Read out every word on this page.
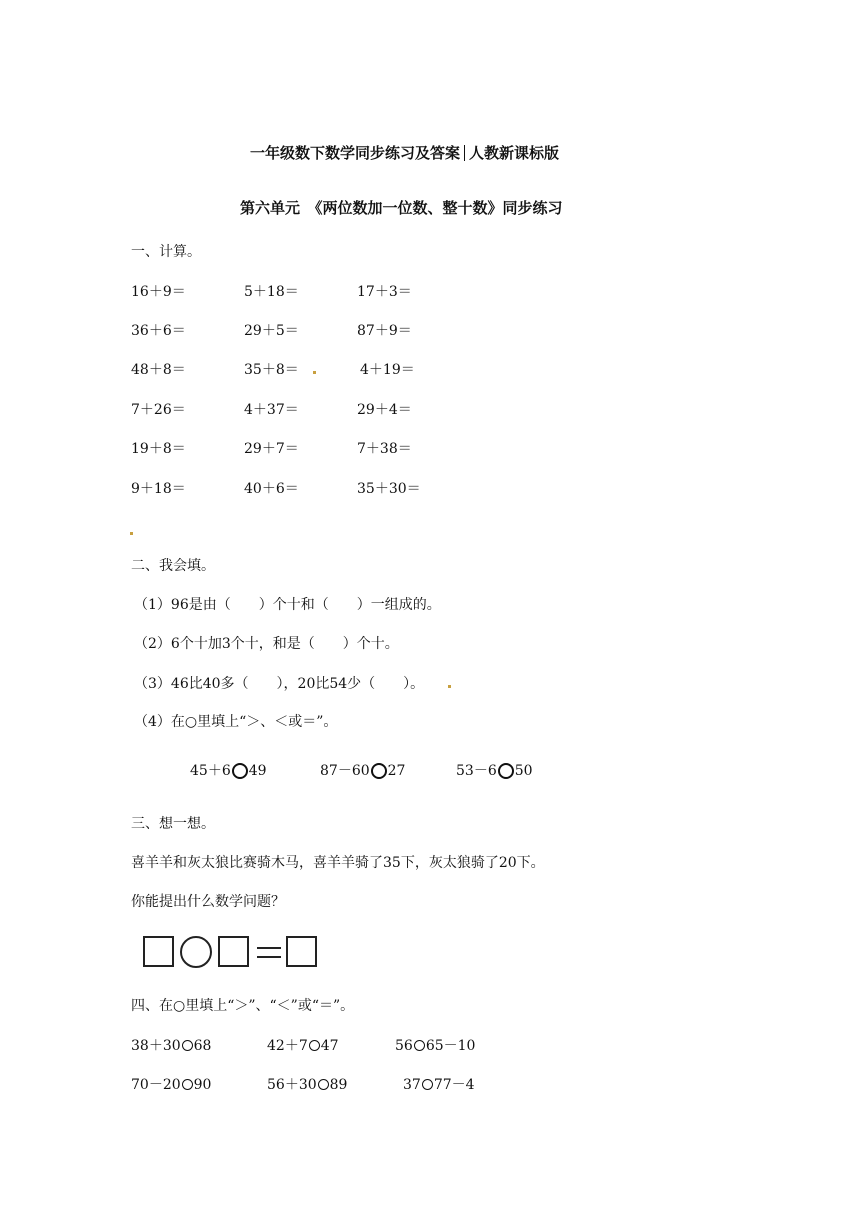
一年级数下数学同步练习及答案 人教新课标版
第六单元　《两位数加一位数、整十数》同步练习
一、计算。
16＋9＝	5＋18＝	17＋3＝
36＋6＝	29＋5＝	87＋9＝
48＋8＝	35＋8＝	4＋19＝
7＋26＝	4＋37＝	29＋4＝
19＋8＝	29＋7＝	7＋38＝
9＋18＝	40＋6＝	35＋30＝
二、我会填。
（1）96是由（　　）个十和（　　）一组成的。
（2）6个十加3个十，和是（　　）个十。
（3）46比40多（　　），20比54少（　　）。
（4）在○里填上“＞、＜或＝”。
45＋6 49	87－60 27	53－6 50
三、想一想。
喜羊羊和灰太狼比赛骑木马，喜羊羊骑了35下，灰太狼骑了20下。
你能提出什么数学问题？
四、在○里填上“＞”、“＜”或“＝”。
38＋30 68	42＋7 47	56 65－10
70－20 90	56＋30 89	37 77－4
